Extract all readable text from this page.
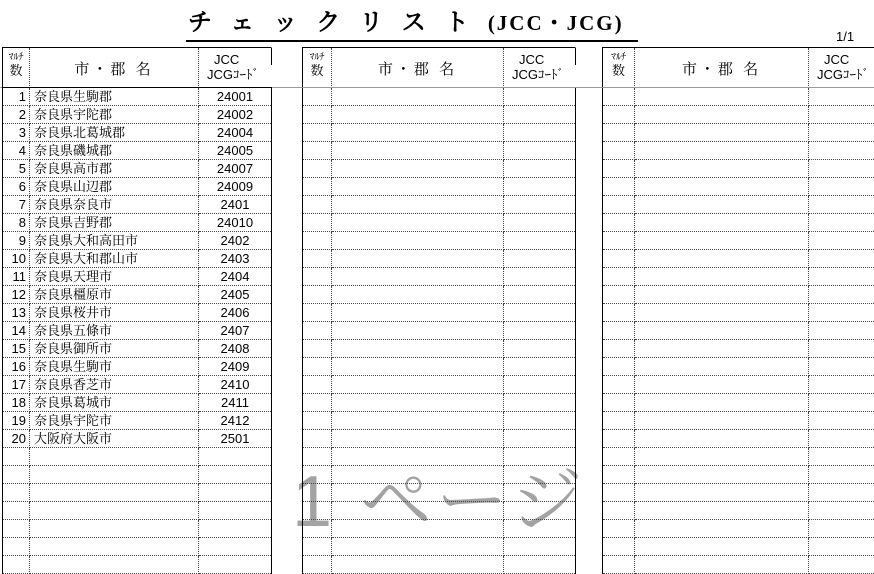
1 ページ
チェックリスト(JCC・JCG)
1/1
ﾏﾙﾁ
数	市・郡 名
JCC
JCGｺｰﾄﾞ
1 奈良県生駒郡	24001
2 奈良県宇陀郡	24002
3 奈良県北葛城郡	24004
4 奈良県磯城郡	24005
5 奈良県高市郡	24007
6 奈良県山辺郡	24009
7 奈良県奈良市	2401
8 奈良県吉野郡	24010
9 奈良県大和高田市	2402
10 奈良県大和郡山市	2403
11 奈良県天理市	2404
12 奈良県橿原市	2405
13 奈良県桜井市	2406
14 奈良県五條市	2407
15 奈良県御所市	2408
16 奈良県生駒市	2409
17 奈良県香芝市	2410
18 奈良県葛城市	2411
19 奈良県宇陀市	2412
20 大阪府大阪市	2501
ﾏﾙﾁ
数	市・郡 名
JCC
JCGｺｰﾄﾞ
ﾏﾙﾁ
数	市・郡 名
JCC
JCGｺｰﾄﾞ
